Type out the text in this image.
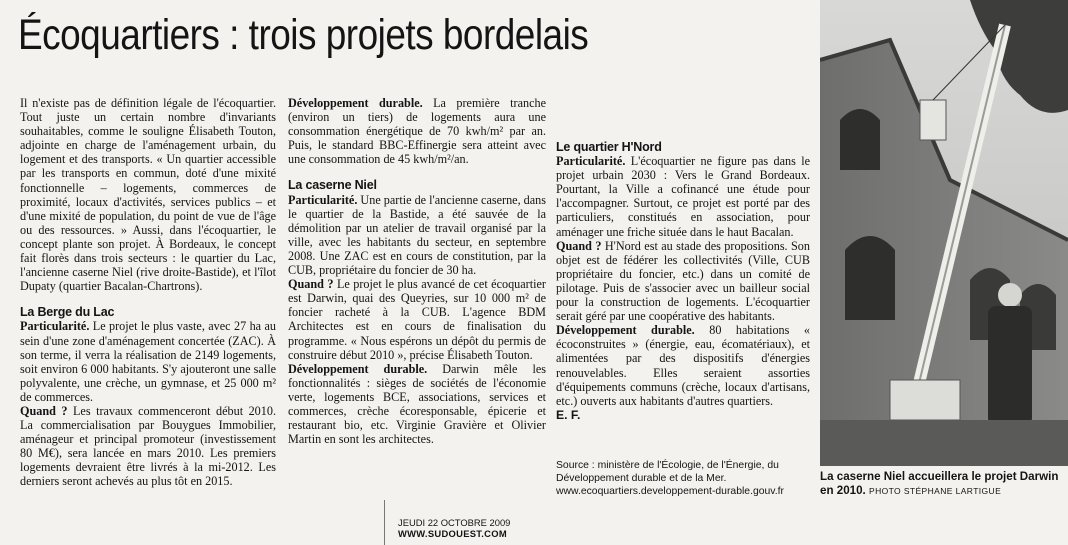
Écoquartiers : trois projets bordelais

Il n'existe pas de définition légale de l'écoquartier. Tout juste un certain nombre d'invariants souhaitables, comme le souligne Élisabeth Touton, adjointe en charge de l'aménagement urbain, du logement et des transports. « Un quartier accessible par les transports en commun, doté d'une mixité fonctionnelle – logements, commerces de proximité, locaux d'activités, services publics – et d'une mixité de population, du point de vue de l'âge ou des ressources. » Aussi, dans l'écoquartier, le concept plante son projet. À Bordeaux, le concept fait florès dans trois secteurs : le quartier du Lac, l'ancienne caserne Niel (rive droite-Bastide), et l'îlot Dupaty (quartier Bacalan-Chartrons).

La Berge du Lac

Particularité. Le projet le plus vaste, avec 27 ha au sein d'une zone d'aménagement concertée (ZAC). À son terme, il verra la réalisation de 2149 logements, soit environ 6 000 habitants. S'y ajouteront une salle polyvalente, une crèche, un gymnase, et 25 000 m² de commerces.

Quand ? Les travaux commenceront début 2010. La commercialisation par Bouygues Immobilier, aménageur et principal promoteur (investissement 80 M€), sera lancée en mars 2010. Les premiers logements devraient être livrés à la mi-2012. Les derniers seront achevés au plus tôt en 2015.

Développement durable. La première tranche (environ un tiers) de logements aura une consommation énergétique de 70 kwh/m² par an. Puis, le standard BBC-Effinergie sera atteint avec une consommation de 45 kwh/m²/an.

La caserne Niel

Particularité. Une partie de l'ancienne caserne, dans le quartier de la Bastide, a été sauvée de la démolition par un atelier de travail organisé par la ville, avec les habitants du secteur, en septembre 2008. Une ZAC est en cours de constitution, par la CUB, propriétaire du foncier de 30 ha.

Quand ? Le projet le plus avancé de cet écoquartier est Darwin, quai des Queyries, sur 10 000 m² de foncier racheté à la CUB. L'agence BDM Architectes est en cours de finalisation du programme. « Nous espérons un dépôt du permis de construire début 2010 », précise Élisabeth Touton.

Développement durable. Darwin mêle les fonctionnalités : sièges de sociétés de l'économie verte, logements BCE, associations, services et commerces, crèche écoresponsable, épicerie et restaurant bio, etc. Virginie Gravière et Olivier Martin en sont les architectes.

Le quartier H'Nord

Particularité. L'écoquartier ne figure pas dans le projet urbain 2030 : Vers le Grand Bordeaux. Pourtant, la Ville a cofinancé une étude pour l'accompagner. Surtout, ce projet est porté par des particuliers, constitués en association, pour aménager une friche située dans le haut Bacalan.

Quand ? H'Nord est au stade des propositions. Son objet est de fédérer les collectivités (Ville, CUB propriétaire du foncier, etc.) dans un comité de pilotage. Puis de s'associer avec un bailleur social pour la construction de logements. L'écoquartier serait géré par une coopérative des habitants.

Développement durable. 80 habitations « écoconstruites » (énergie, eau, écomatériaux), et alimentées par des dispositifs d'énergies renouvelables. Elles seraient assorties d'équipements communs (crèche, locaux d'artisans, etc.) ouverts aux habitants d'autres quartiers.

E. F.

Source : ministère de l'Écologie, de l'Énergie, du Développement durable et de la Mer. www.ecoquartiers.developpement-durable.gouv.fr
La caserne Niel accueillera le projet Darwin en 2010. PHOTO STÉPHANE LARTIGUE
JEUDI 22 OCTOBRE 2009
WWW.SUDOUEST.COM
